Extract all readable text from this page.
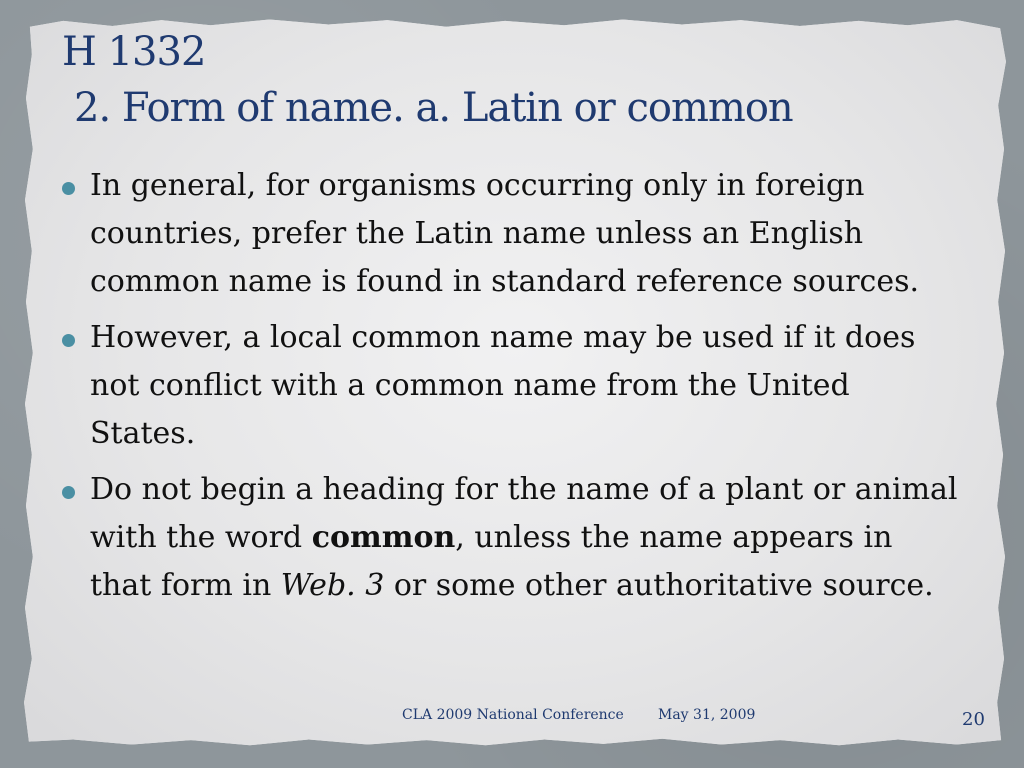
H 1332
2. Form of name. a. Latin or common
In general, for organisms occurring only in foreign countries, prefer the Latin name unless an English common name is found in standard reference sources.
However, a local common name may be used if it does not conflict with a common name from the United States.
Do not begin a heading for the name of a plant or animal with the word common, unless the name appears in that form in Web. 3 or some other authoritative source.
CLA 2009 National Conference May 31, 2009	20
